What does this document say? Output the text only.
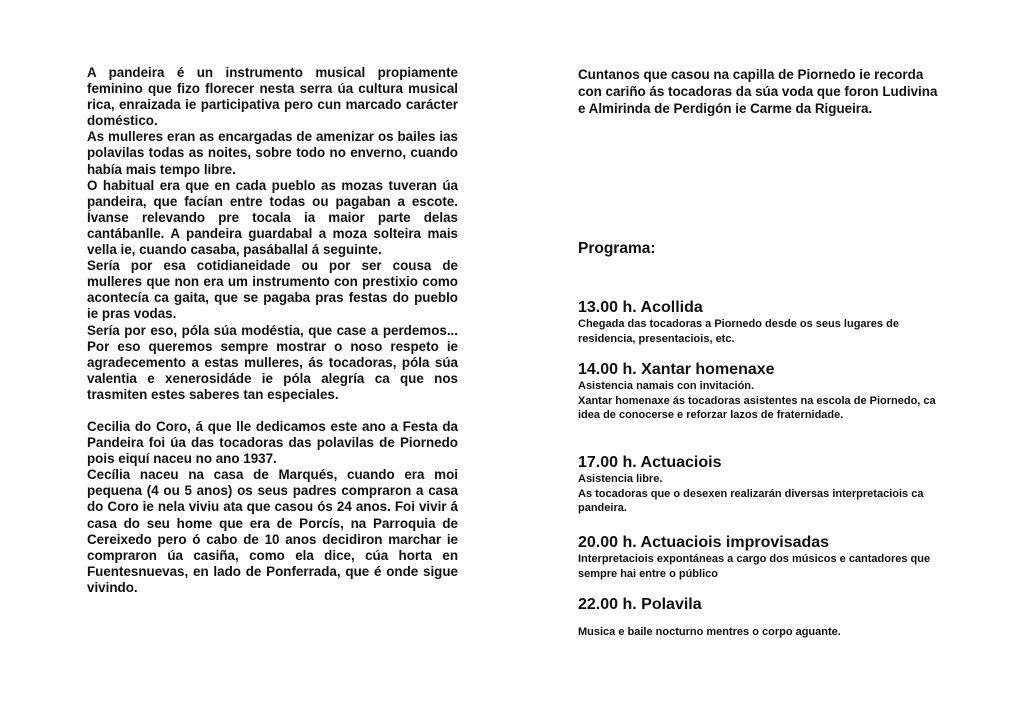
A pandeira é un instrumento musical propiamente feminino que fizo florecer nesta serra úa cultura musical rica, enraizada ie participativa pero cun marcado carácter doméstico.

As mulleres eran as encargadas de amenizar os bailes ias polavilas todas as noites, sobre todo no enverno, cuando había mais tempo libre.

O habitual era que en cada pueblo as mozas tuveran úa pandeira, que facían entre todas ou pagaban a escote. Ívanse relevando pre tocala ia maior parte delas cantábanlle. A pandeira guardabal a moza solteira mais vella ie, cuando casaba, pasáballal á seguinte.

Sería por esa cotidianeidade ou por ser cousa de mulleres que non era um instrumento con prestixio como acontecía ca gaita, que se pagaba pras festas do pueblo ie pras vodas.

Sería por eso, póla súa modéstia, que case a perdemos... Por eso queremos sempre mostrar o noso respeto ie agradecemento a estas mulleres, ás tocadoras, póla súa valentia e xenerosidáde ie póla alegría ca que nos trasmiten estes saberes tan especiales.

Cecilia do Coro, á que lle dedicamos este ano a Festa da Pandeira foi úa das tocadoras das polavilas de Piornedo pois eiquí naceu no ano 1937.

Cecília naceu na casa de Marqués, cuando era moi pequena (4 ou 5 anos) os seus padres compraron a casa do Coro ie nela viviu ata que casou ós 24 anos. Foi vivir á casa do seu home que era de Porcís, na Parroquia de Cereixedo pero ó cabo de 10 anos decidiron marchar ie compraron úa casiña, como ela dice, cúa horta en Fuentesnuevas, en lado de Ponferrada, que é onde sigue vivindo.

Cuntanos que casou na capilla de Piornedo ie recorda con cariño ás tocadoras da súa voda que foron Ludivina e Almirinda de Perdigón ie Carme da Rigueira.

Programa:

13.00 h. Acollida

Chegada das tocadoras a Piornedo desde os seus lugares de residencia, presentaciois, etc.

14.00 h. Xantar homenaxe

Asistencia namais con invitación.

Xantar homenaxe ás tocadoras asistentes na escola de Piornedo, ca idea de conocerse e reforzar lazos de fraternidade.

17.00 h. Actuaciois

Asistencia libre.

As tocadoras que o desexen realizarán diversas interpretaciois ca pandeira.

20.00 h. Actuaciois improvisadas

Interpretaciois expontáneas a cargo dos músicos e cantadores que sempre hai entre o público

22.00 h. Polavila

Musica e baile nocturno mentres o corpo aguante.
